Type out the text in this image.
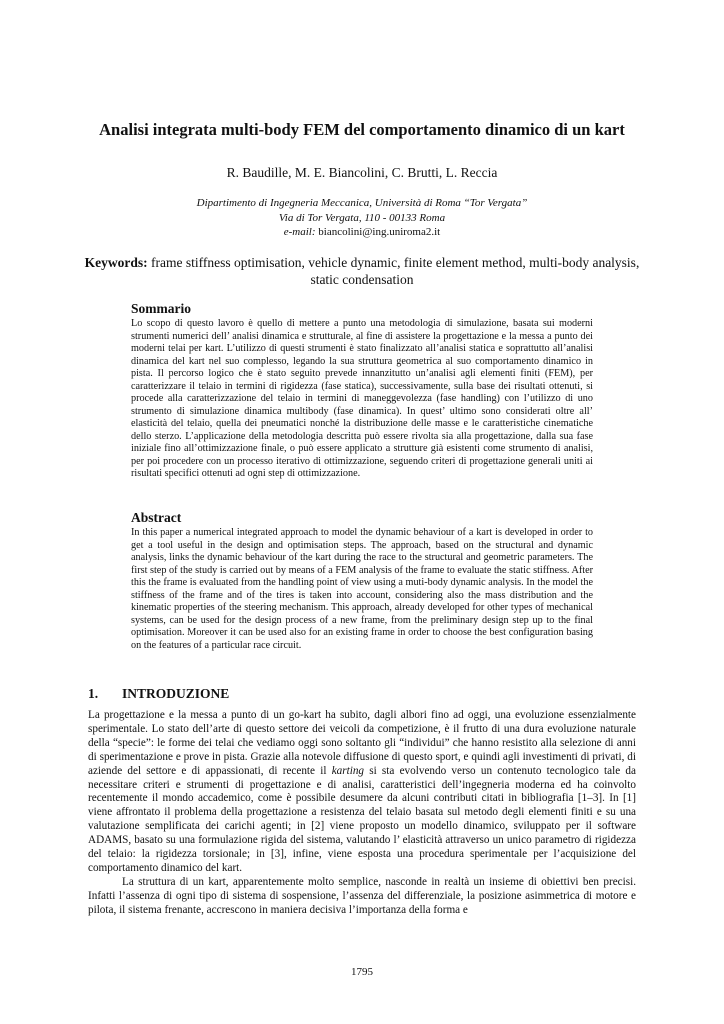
Analisi integrata multi-body FEM del comportamento dinamico di un kart
R. Baudille, M. E. Biancolini, C. Brutti, L. Reccia
Dipartimento di Ingegneria Meccanica, Università di Roma “Tor Vergata”
Via di Tor Vergata, 110 - 00133 Roma
e-mail: biancolini@ing.uniroma2.it
Keywords: frame stiffness optimisation, vehicle dynamic, finite element method, multi-body analysis, static condensation
Sommario
Lo scopo di questo lavoro è quello di mettere a punto una metodologia di simulazione, basata sui moderni strumenti numerici dell’ analisi dinamica e strutturale, al fine di assistere la progettazione e la messa a punto dei moderni telai per kart. L’utilizzo di questi strumenti è stato finalizzato all’analisi statica e soprattutto all’analisi dinamica del kart nel suo complesso, legando la sua struttura geometrica al suo comportamento dinamico in pista. Il percorso logico che è stato seguito prevede innanzitutto un’analisi agli elementi finiti (FEM), per caratterizzare il telaio in termini di rigidezza (fase statica), successivamente, sulla base dei risultati ottenuti, si procede alla caratterizzazione del telaio in termini di maneggevolezza (fase handling) con l’utilizzo di uno strumento di simulazione dinamica multibody (fase dinamica). In quest’ ultimo sono considerati oltre all’ elasticità del telaio, quella dei pneumatici nonché la distribuzione delle masse e le caratteristiche cinematiche dello sterzo. L’applicazione della metodologia descritta può essere rivolta sia alla progettazione, dalla sua fase iniziale fino all’ottimizzazione finale, o può essere applicato a strutture già esistenti come strumento di analisi, per poi procedere con un processo iterativo di ottimizzazione, seguendo criteri di progettazione generali uniti ai risultati specifici ottenuti ad ogni step di ottimizzazione.
Abstract
In this paper a numerical integrated approach to model the dynamic behaviour of a kart is developed in order to get a tool useful in the design and optimisation steps. The approach, based on the structural and dynamic analysis, links the dynamic behaviour of the kart during the race to the structural and geometric parameters. The first step of the study is carried out by means of a FEM analysis of the frame to evaluate the static stiffness. After this the frame is evaluated from the handling point of view using a muti-body dynamic analysis. In the model the stiffness of the frame and of the tires is taken into account, considering also the mass distribution and the kinematic properties of the steering mechanism. This approach, already developed for other types of mechanical systems, can be used for the design process of a new frame, from the preliminary design step up to the final optimisation. Moreover it can be used also for an existing frame in order to choose the best configuration basing on the features of a particular race circuit.
1. INTRODUZIONE

La progettazione e la messa a punto di un go-kart ha subito, dagli albori fino ad oggi, una evoluzione essenzialmente sperimentale. Lo stato dell’arte di questo settore dei veicoli da competizione, è il frutto di una dura evoluzione naturale della “specie”: le forme dei telai che vediamo oggi sono soltanto gli “individui” che hanno resistito alla selezione di anni di sperimentazione e prove in pista. Grazie alla notevole diffusione di questo sport, e quindi agli investimenti di privati, di aziende del settore e di appassionati, di recente il karting si sta evolvendo verso un contenuto tecnologico tale da necessitare criteri e strumenti di progettazione e di analisi, caratteristici dell’ingegneria moderna ed ha coinvolto recentemente il mondo accademico, come è possibile desumere da alcuni contributi citati in bibliografia [1–3]. In [1] viene affrontato il problema della progettazione a resistenza del telaio basata sul metodo degli elementi finiti e su una valutazione semplificata dei carichi agenti; in [2] viene proposto un modello dinamico, sviluppato per il software ADAMS, basato su una formulazione rigida del sistema, valutando l’ elasticità attraverso un unico parametro di rigidezza del telaio: la rigidezza torsionale; in [3], infine, viene esposta una procedura sperimentale per l’acquisizione del comportamento dinamico del kart.

La struttura di un kart, apparentemente molto semplice, nasconde in realtà un insieme di obiettivi ben precisi. Infatti l’assenza di ogni tipo di sistema di sospensione, l’assenza del differenziale, la posizione asimmetrica di motore e pilota, il sistema frenante, accrescono in maniera decisiva l’importanza della forma e

1795
